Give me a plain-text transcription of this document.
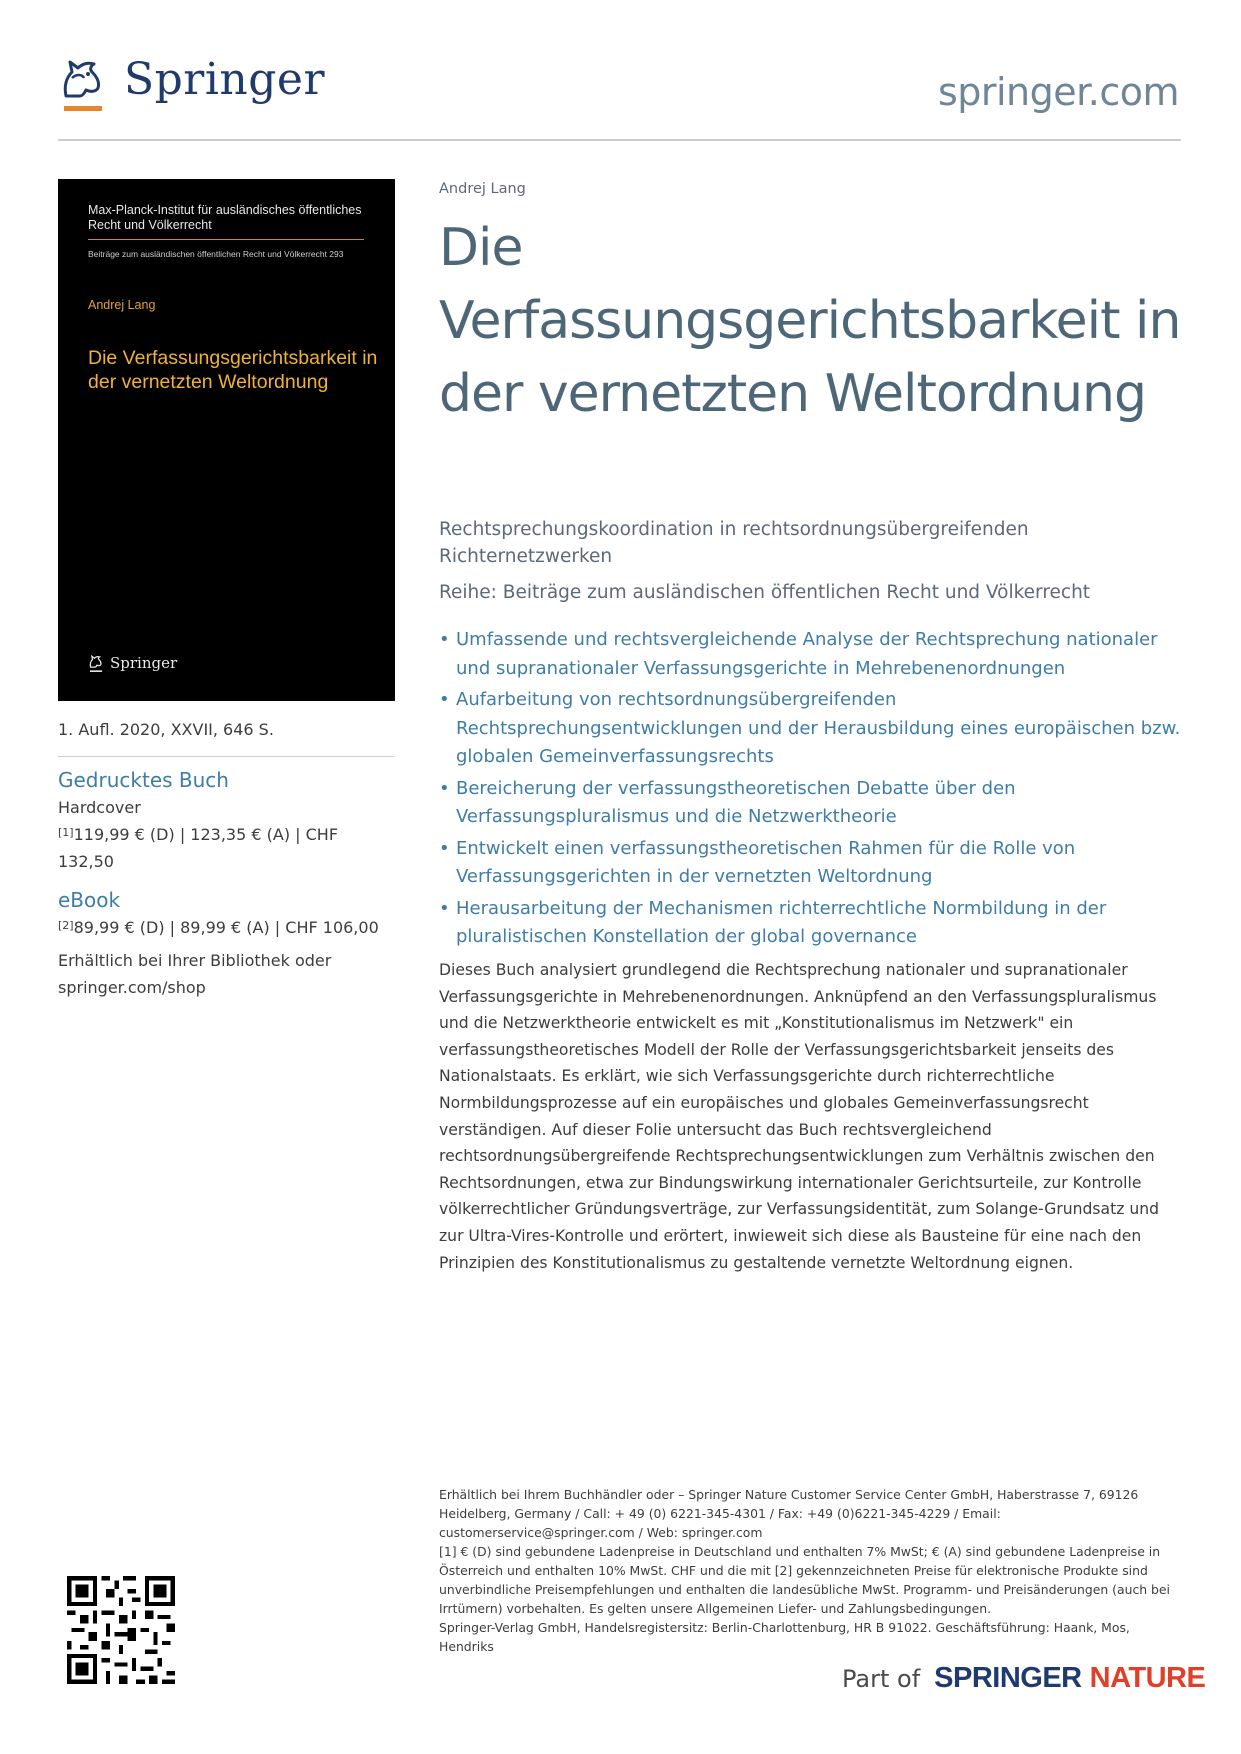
Springer	springer.com
Max-Planck-Institut für ausländisches öffentliches Recht und Völkerrecht
Beiträge zum ausländischen öffentlichen Recht und Völkerrecht 293
Andrej Lang
Die Verfassungsgerichtsbarkeit in der vernetzten Weltordnung
Springer
1. Aufl. 2020, XXVII, 646 S.
Gedrucktes Buch
Hardcover
[1]119,99 € (D) | 123,35 € (A) | CHF 132,50
eBook
[2]89,99 € (D) | 89,99 € (A) | CHF 106,00
Erhältlich bei Ihrer Bibliothek oder springer.com/shop
Andrej Lang
Die Verfassungsgerichtsbarkeit in der vernetzten Weltordnung
Rechtsprechungskoordination in rechtsordnungsübergreifenden Richternetzwerken
Reihe: Beiträge zum ausländischen öffentlichen Recht und Völkerrecht
• Umfassende und rechtsvergleichende Analyse der Rechtsprechung nationaler und supranationaler Verfassungsgerichte in Mehrebenenordnungen
• Aufarbeitung von rechtsordnungsübergreifenden Rechtsprechungsentwicklungen und der Herausbildung eines europäischen bzw. globalen Gemeinverfassungsrechts
• Bereicherung der verfassungstheoretischen Debatte über den Verfassungspluralismus und die Netzwerktheorie
• Entwickelt einen verfassungstheoretischen Rahmen für die Rolle von Verfassungsgerichten in der vernetzten Weltordnung
• Herausarbeitung der Mechanismen richterrechtliche Normbildung in der pluralistischen Konstellation der global governance
Dieses Buch analysiert grundlegend die Rechtsprechung nationaler und supranationaler Verfassungsgerichte in Mehrebenenordnungen. Anknüpfend an den Verfassungspluralismus und die Netzwerktheorie entwickelt es mit „Konstitutionalismus im Netzwerk" ein verfassungstheoretisches Modell der Rolle der Verfassungsgerichtsbarkeit jenseits des Nationalstaats. Es erklärt, wie sich Verfassungsgerichte durch richterrechtliche Normbildungsprozesse auf ein europäisches und globales Gemeinverfassungsrecht verständigen. Auf dieser Folie untersucht das Buch rechtsvergleichend rechtsordnungsübergreifende Rechtsprechungsentwicklungen zum Verhältnis zwischen den Rechtsordnungen, etwa zur Bindungswirkung internationaler Gerichtsurteile, zur Kontrolle völkerrechtlicher Gründungsverträge, zur Verfassungsidentität, zum Solange-Grundsatz und zur Ultra-Vires-Kontrolle und erörtert, inwieweit sich diese als Bausteine für eine nach den Prinzipien des Konstitutionalismus zu gestaltende vernetzte Weltordnung eignen.
Erhältlich bei Ihrem Buchhändler oder – Springer Nature Customer Service Center GmbH, Haberstrasse 7, 69126 Heidelberg, Germany / Call: + 49 (0) 6221-345-4301 / Fax: +49 (0)6221-345-4229 / Email: customerservice@springer.com / Web: springer.com
[1] € (D) sind gebundene Ladenpreise in Deutschland und enthalten 7% MwSt; € (A) sind gebundene Ladenpreise in Österreich und enthalten 10% MwSt. CHF und die mit [2] gekennzeichneten Preise für elektronische Produkte sind unverbindliche Preisempfehlungen und enthalten die landesübliche MwSt. Programm- und Preisänderungen (auch bei Irrtümern) vorbehalten. Es gelten unsere Allgemeinen Liefer- und Zahlungsbedingungen.
Springer-Verlag GmbH, Handelsregistersitz: Berlin-Charlottenburg, HR B 91022. Geschäftsführung: Haank, Mos, Hendriks
Part of SPRINGER NATURE
